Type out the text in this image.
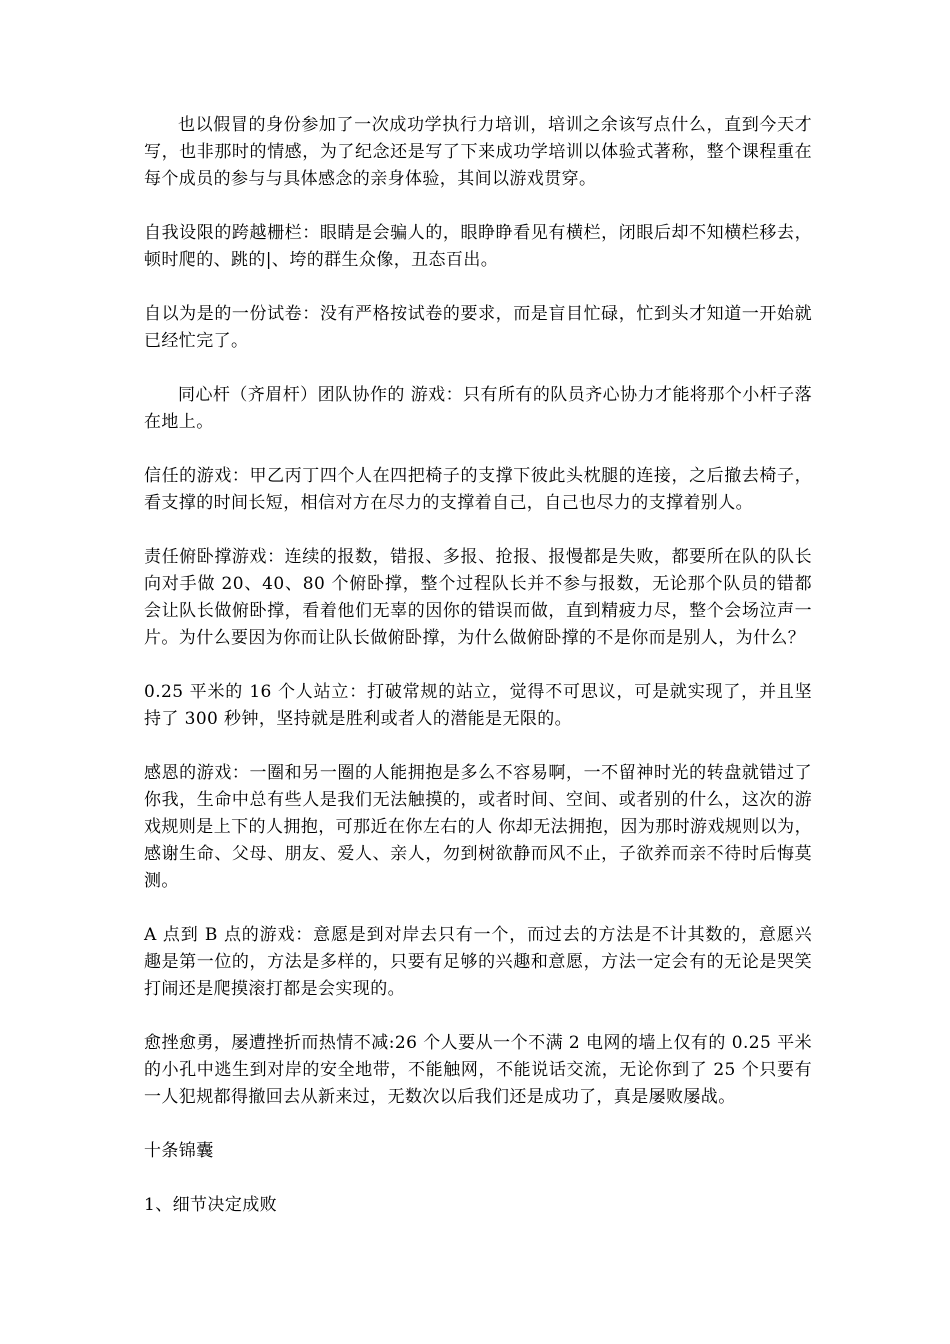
也以假冒的身份参加了一次成功学执行力培训，培训之余该写点什么，直到今天才写，也非那时的情感，为了纪念还是写了下来成功学培训以体验式著称，整个课程重在每个成员的参与与具体感念的亲身体验，其间以游戏贯穿。

自我设限的跨越栅栏：眼睛是会骗人的，眼睁睁看见有横栏，闭眼后却不知横栏移去，顿时爬的、跳的|、垮的群生众像，丑态百出。

自以为是的一份试卷：没有严格按试卷的要求，而是盲目忙碌，忙到头才知道一开始就已经忙完了。

同心杆（齐眉杆）团队协作的 游戏：只有所有的队员齐心协力才能将那个小杆子落在地上。

信任的游戏：甲乙丙丁四个人在四把椅子的支撑下彼此头枕腿的连接，之后撤去椅子，看支撑的时间长短，相信对方在尽力的支撑着自己，自己也尽力的支撑着别人。

责任俯卧撑游戏：连续的报数，错报、多报、抢报、报慢都是失败，都要所在队的队长向对手做 20、40、80 个俯卧撑，整个过程队长并不参与报数，无论那个队员的错都会让队长做俯卧撑，看着他们无辜的因你的错误而做，直到精疲力尽，整个会场泣声一片。为什么要因为你而让队长做俯卧撑，为什么做俯卧撑的不是你而是别人，为什么？

0.25 平米的 16 个人站立：打破常规的站立，觉得不可思议，可是就实现了，并且坚持了 300 秒钟，坚持就是胜利或者人的潜能是无限的。

感恩的游戏：一圈和另一圈的人能拥抱是多么不容易啊，一不留神时光的转盘就错过了你我，生命中总有些人是我们无法触摸的，或者时间、空间、或者别的什么，这次的游戏规则是上下的人拥抱，可那近在你左右的人 你却无法拥抱，因为那时游戏规则以为，感谢生命、父母、朋友、爱人、亲人，勿到树欲静而风不止，子欲养而亲不待时后悔莫测。

A 点到 B 点的游戏：意愿是到对岸去只有一个，而过去的方法是不计其数的，意愿兴趣是第一位的，方法是多样的，只要有足够的兴趣和意愿，方法一定会有的无论是哭笑打闹还是爬摸滚打都是会实现的。

愈挫愈勇，屡遭挫折而热情不减:26 个人要从一个不满 2 电网的墙上仅有的 0.25 平米的小孔中逃生到对岸的安全地带，不能触网，不能说话交流，无论你到了 25 个只要有一人犯规都得撤回去从新来过，无数次以后我们还是成功了，真是屡败屡战。

十条锦囊

1、细节决定成败
